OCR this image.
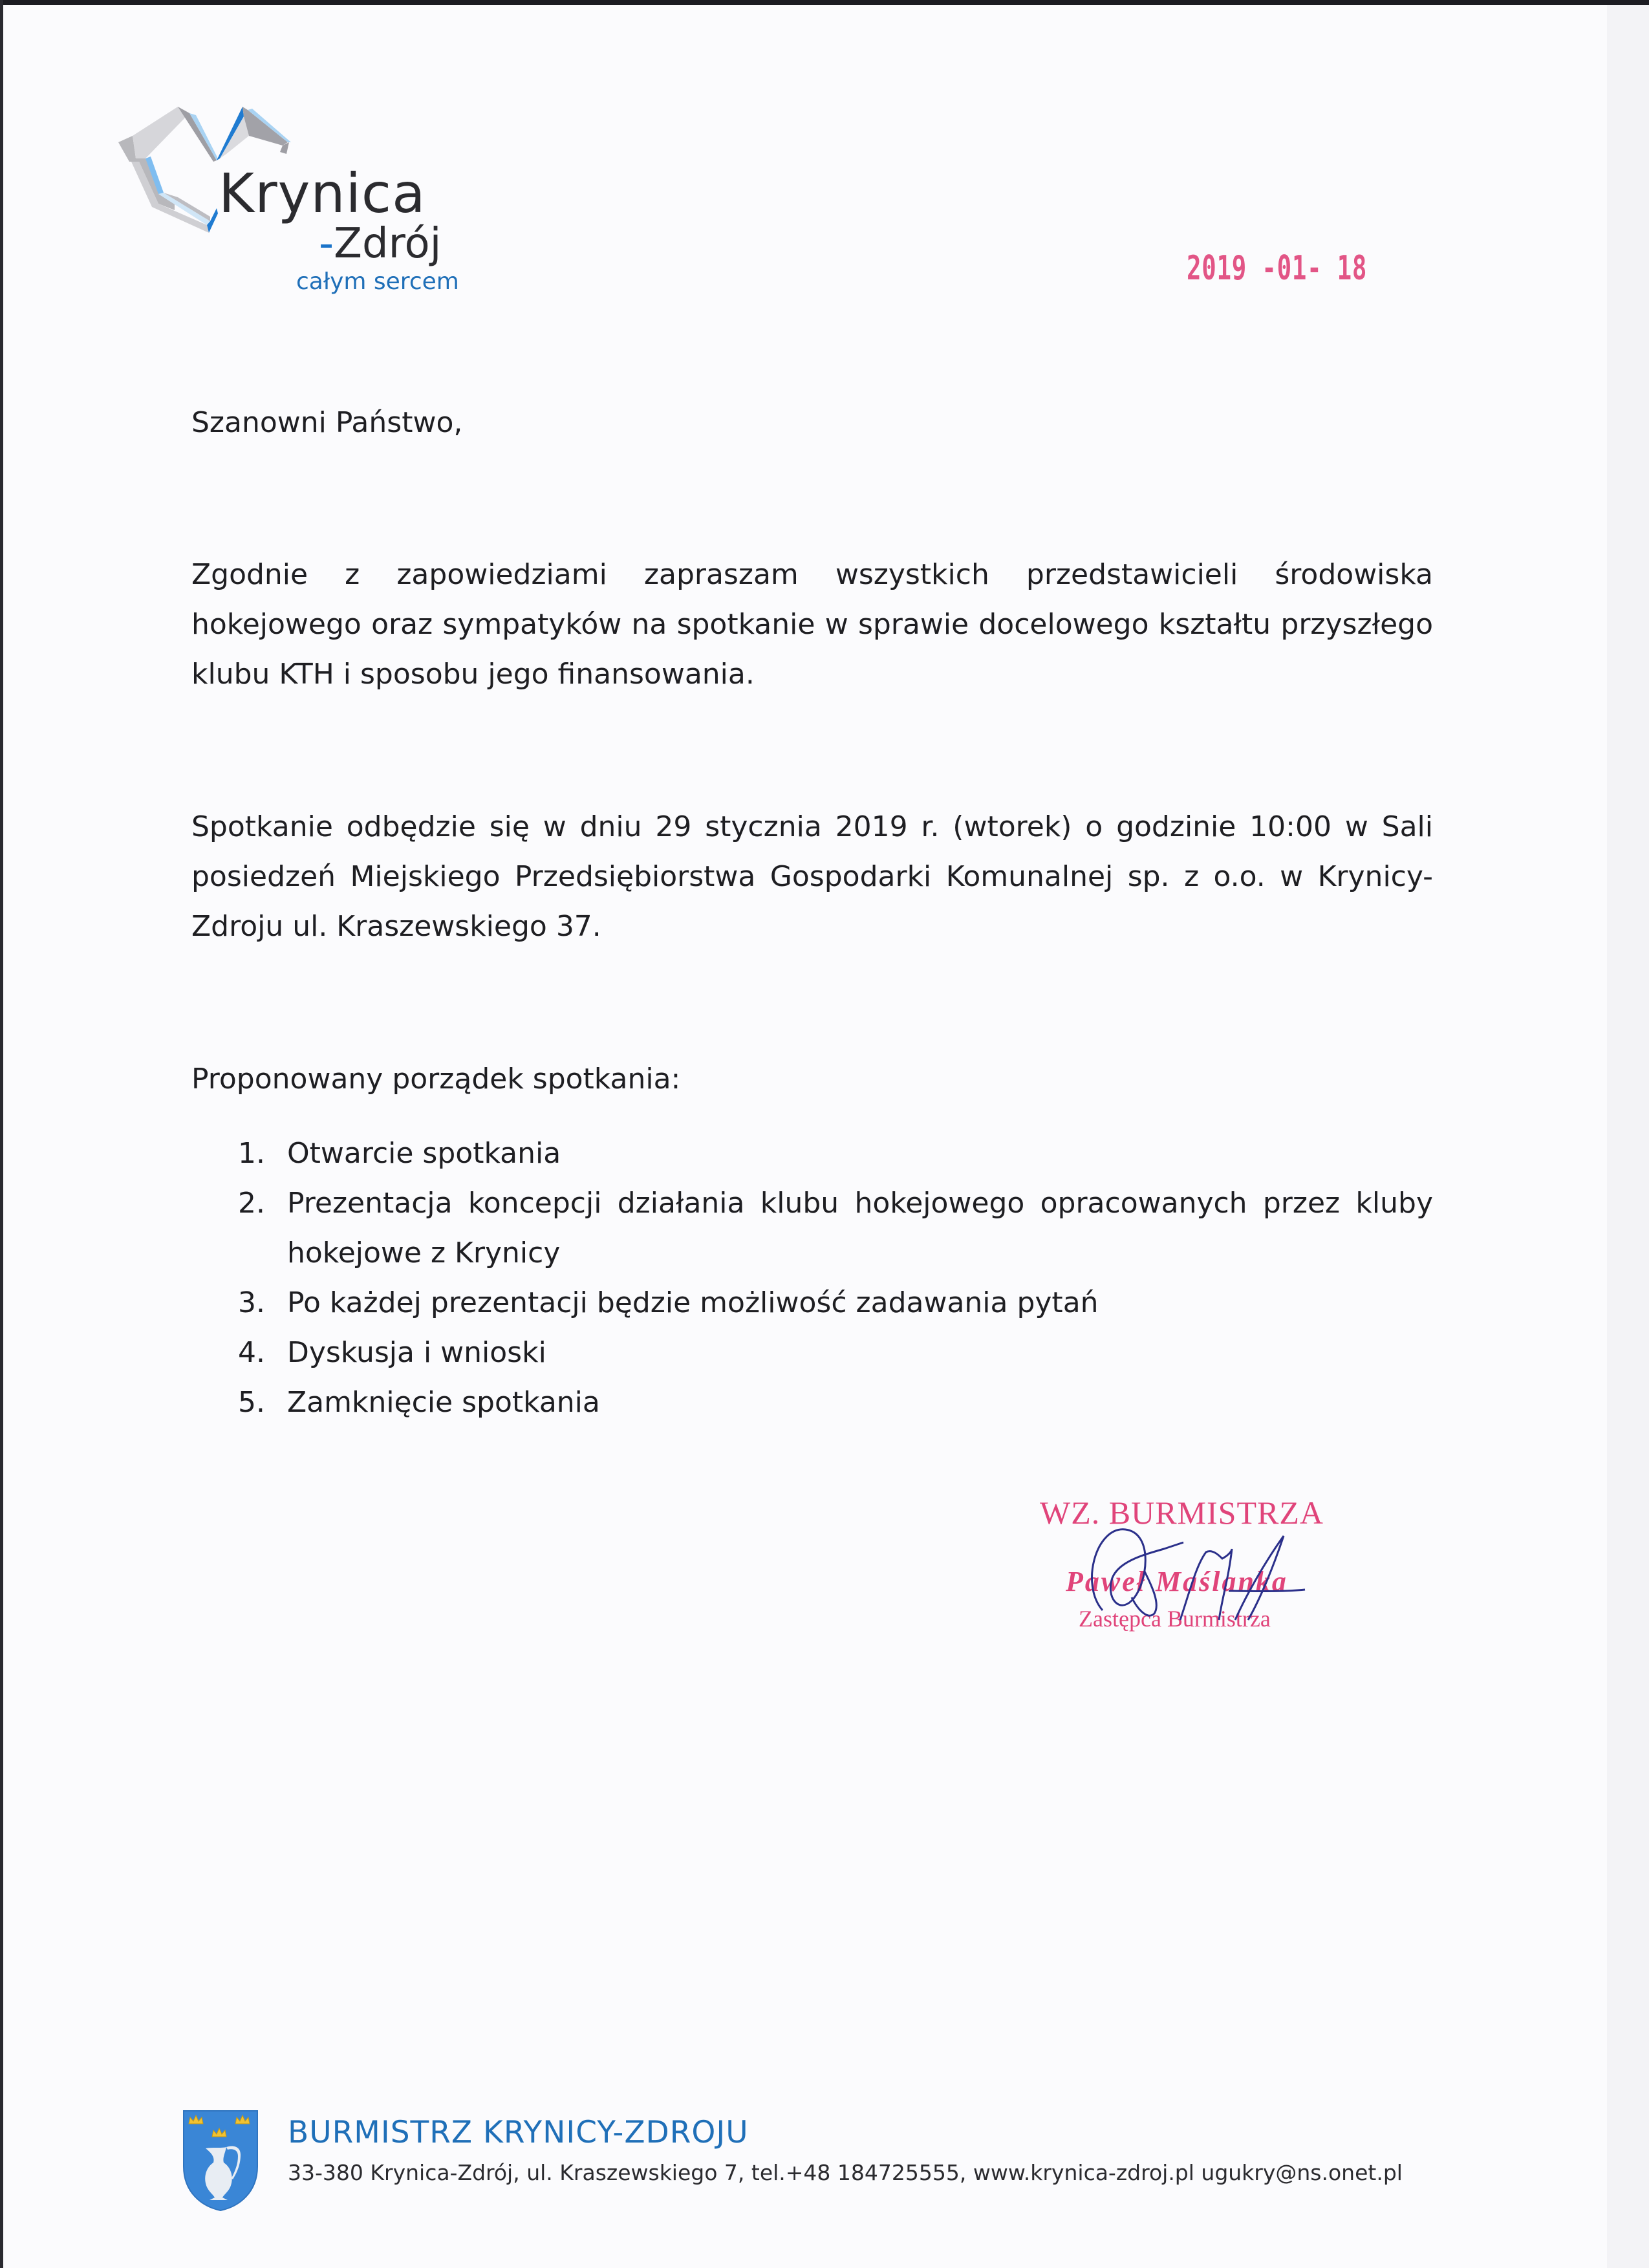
Krynica
-Zdrój
całym sercem	2019 -01- 18
Szanowni Państwo,
Zgodnie z zapowiedziami zapraszam wszystkich przedstawicieli środowiska hokejowego oraz sympatyków na spotkanie w sprawie docelowego kształtu przyszłego klubu KTH i sposobu jego finansowania.
Spotkanie odbędzie się w dniu 29 stycznia 2019 r. (wtorek) o godzinie 10:00 w Sali posiedzeń Miejskiego Przedsiębiorstwa Gospodarki Komunalnej sp. z o.o. w Krynicy-Zdroju ul. Kraszewskiego 37.
Proponowany porządek spotkania:
1. Otwarcie spotkania
2. Prezentacja koncepcji działania klubu hokejowego opracowanych przez kluby hokejowe z Krynicy
3. Po każdej prezentacji będzie możliwość zadawania pytań
4. Dyskusja i wnioski
5. Zamknięcie spotkania
WZ. BURMISTRZA
Paweł Maślanka
Zastępca Burmistrza
BURMISTRZ KRYNICY-ZDROJU
33-380 Krynica-Zdrój, ul. Kraszewskiego 7, tel.+48 184725555, www.krynica-zdroj.pl ugukry@ns.onet.pl
